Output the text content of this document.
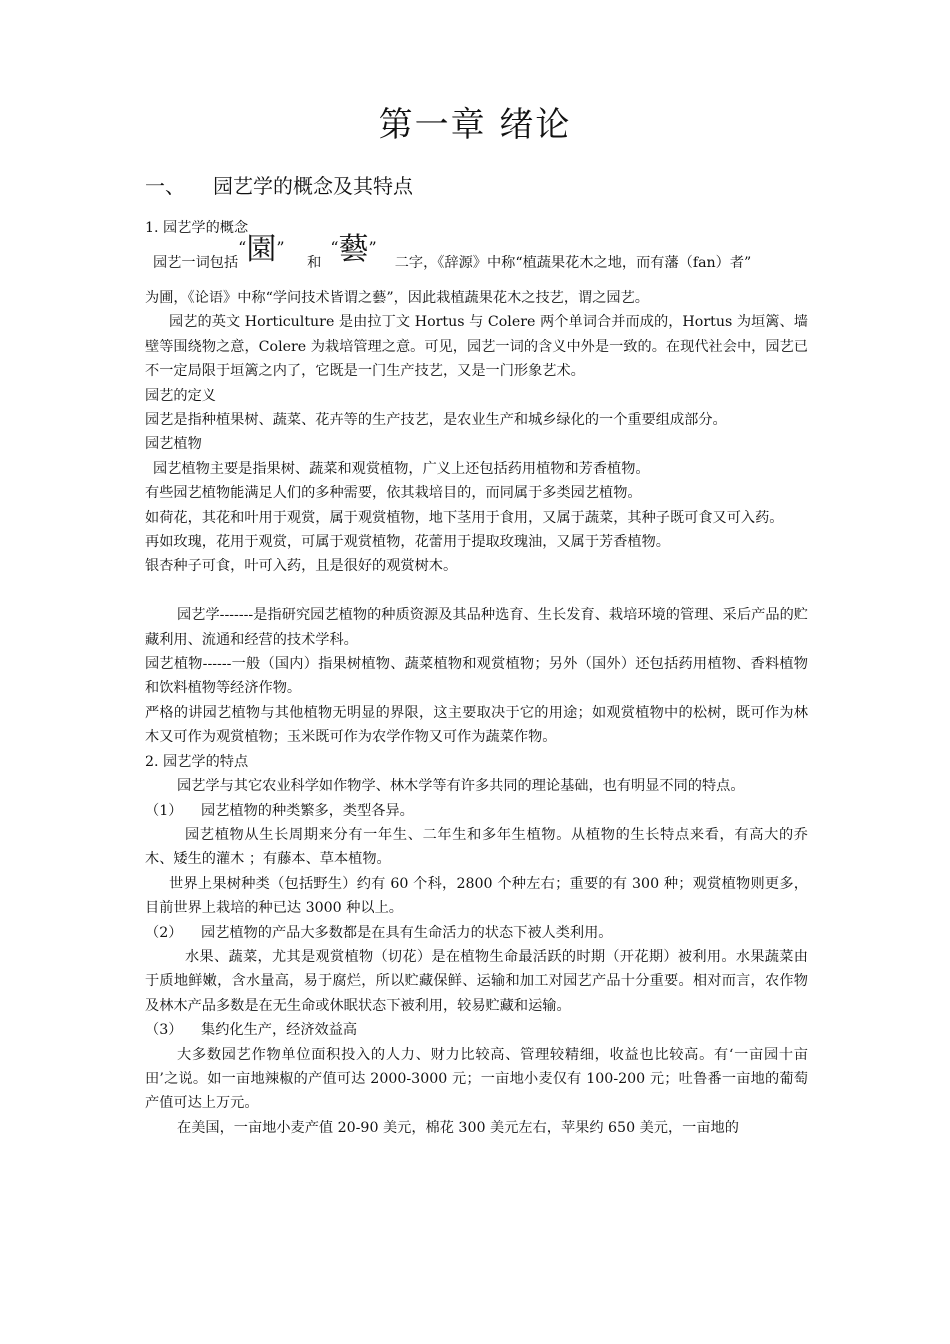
第一章 绪论
一、 园艺学的概念及其特点
1. 园艺学的概念
园艺一词包括“園”     和  “藝”    二字，《辞源》中称“植蔬果花木之地，而有藩（fan）者”

为圃，《论语》中称“学问技术皆谓之藝”，因此栽植蔬果花木之技艺，谓之园艺。

园艺的英文 Horticulture 是由拉丁文 Hortus 与 Colere 两个单词合并而成的，Hortus 为垣篱、墙壁等围绕物之意，Colere 为栽培管理之意。可见，园艺一词的含义中外是一致的。在现代社会中，园艺已不一定局限于垣篱之内了，它既是一门生产技艺，又是一门形象艺术。

园艺的定义

园艺是指种植果树、蔬菜、花卉等的生产技艺，是农业生产和城乡绿化的一个重要组成部分。

园艺植物

园艺植物主要是指果树、蔬菜和观赏植物，广义上还包括药用植物和芳香植物。

有些园艺植物能满足人们的多种需要，依其栽培目的，而同属于多类园艺植物。

如荷花，其花和叶用于观赏，属于观赏植物，地下茎用于食用，又属于蔬菜，其种子既可食又可入药。

再如玫瑰，花用于观赏，可属于观赏植物，花蕾用于提取玫瑰油，又属于芳香植物。

银杏种子可食，叶可入药，且是很好的观赏树木。

园艺学-------是指研究园艺植物的种质资源及其品种选育、生长发育、栽培环境的管理、采后产品的贮藏利用、流通和经营的技术学科。

园艺植物------一般（国内）指果树植物、蔬菜植物和观赏植物；另外（国外）还包括药用植物、香料植物和饮料植物等经济作物。

严格的讲园艺植物与其他植物无明显的界限，这主要取决于它的用途；如观赏植物中的松树，既可作为林木又可作为观赏植物；玉米既可作为农学作物又可作为蔬菜作物。

2. 园艺学的特点

园艺学与其它农业科学如作物学、林木学等有许多共同的理论基础，也有明显不同的特点。

（1） 园艺植物的种类繁多，类型各异。

园艺植物从生长周期来分有一年生、二年生和多年生植物。从植物的生长特点来看，有高大的乔木、矮生的灌木 ；有藤本、草本植物。

世界上果树种类（包括野生）约有 60 个科，2800 个种左右；重要的有 300 种；观赏植物则更多，目前世界上栽培的种已达 3000 种以上。

（2） 园艺植物的产品大多数都是在具有生命活力的状态下被人类利用。

水果、蔬菜，尤其是观赏植物（切花）是在植物生命最活跃的时期（开花期）被利用。水果蔬菜由于质地鲜嫩，含水量高，易于腐烂，所以贮藏保鲜、运输和加工对园艺产品十分重要。相对而言，农作物及林木产品多数是在无生命或休眠状态下被利用，较易贮藏和运输。

（3） 集约化生产，经济效益高

大多数园艺作物单位面积投入的人力、财力比较高、管理较精细，收益也比较高。有‘一亩园十亩田’之说。如一亩地辣椒的产值可达 2000-3000 元；一亩地小麦仅有 100-200 元；吐鲁番一亩地的葡萄产值可达上万元。

在美国，一亩地小麦产值 20-90 美元，棉花 300 美元左右，苹果约 650 美元，一亩地的
